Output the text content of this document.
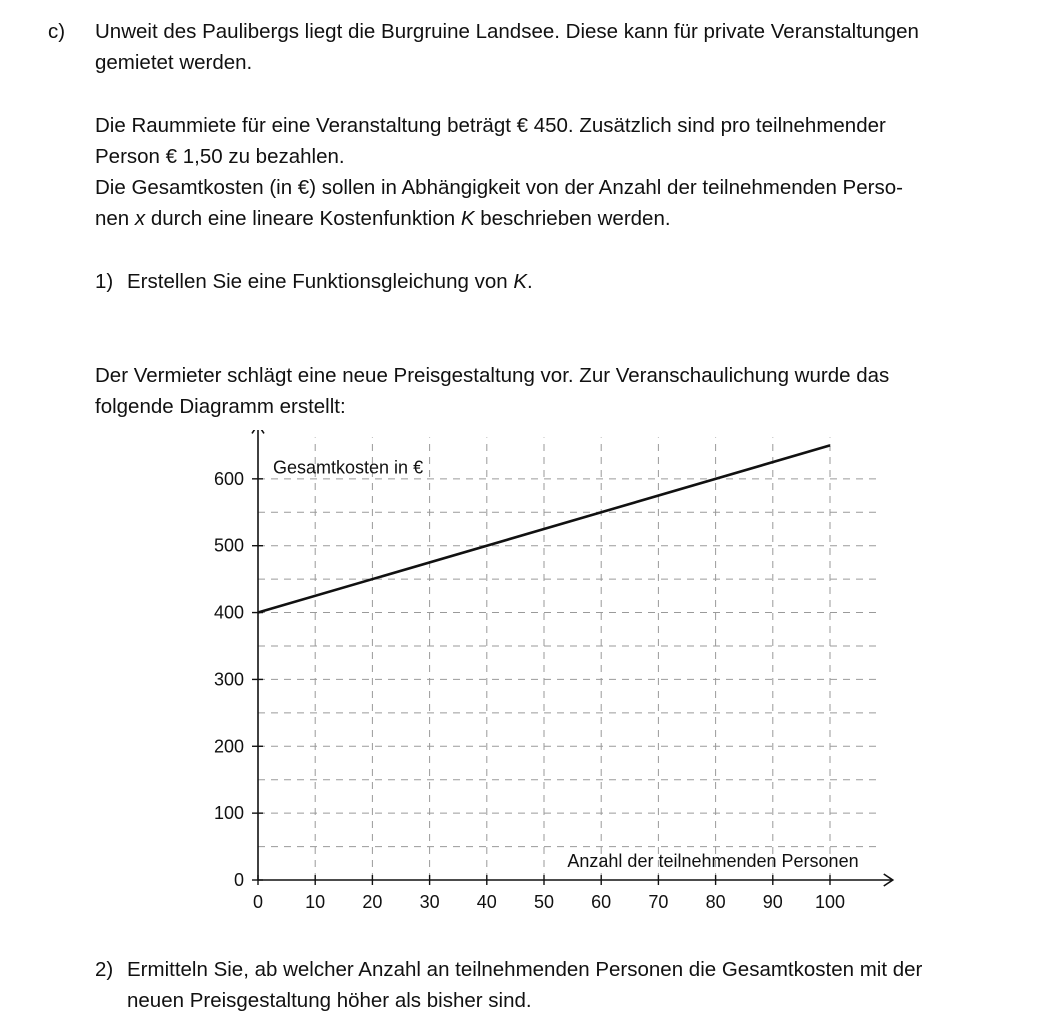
c) Unweit des Paulibergs liegt die Burgruine Landsee. Diese kann für private Veranstaltungen
gemietet werden.

Die Raummiete für eine Veranstaltung beträgt € 450. Zusätzlich sind pro teilnehmender
Person € 1,50 zu bezahlen.
Die Gesamtkosten (in €) sollen in Abhängigkeit von der Anzahl der teilnehmenden Perso-
nen x durch eine lineare Kostenfunktion K beschrieben werden.

1) Erstellen Sie eine Funktionsgleichung von K.

Der Vermieter schlägt eine neue Preisgestaltung vor. Zur Veranschaulichung wurde das
folgende Diagramm erstellt:

0 10 20 30 40 50 60 70 80 90 100
0
100
200
300
400
500
600
Gesamtkosten in €
Anzahl der teilnehmenden Personen
2) Ermitteln Sie, ab welcher Anzahl an teilnehmenden Personen die Gesamtkosten mit der
neuen Preisgestaltung höher als bisher sind.
